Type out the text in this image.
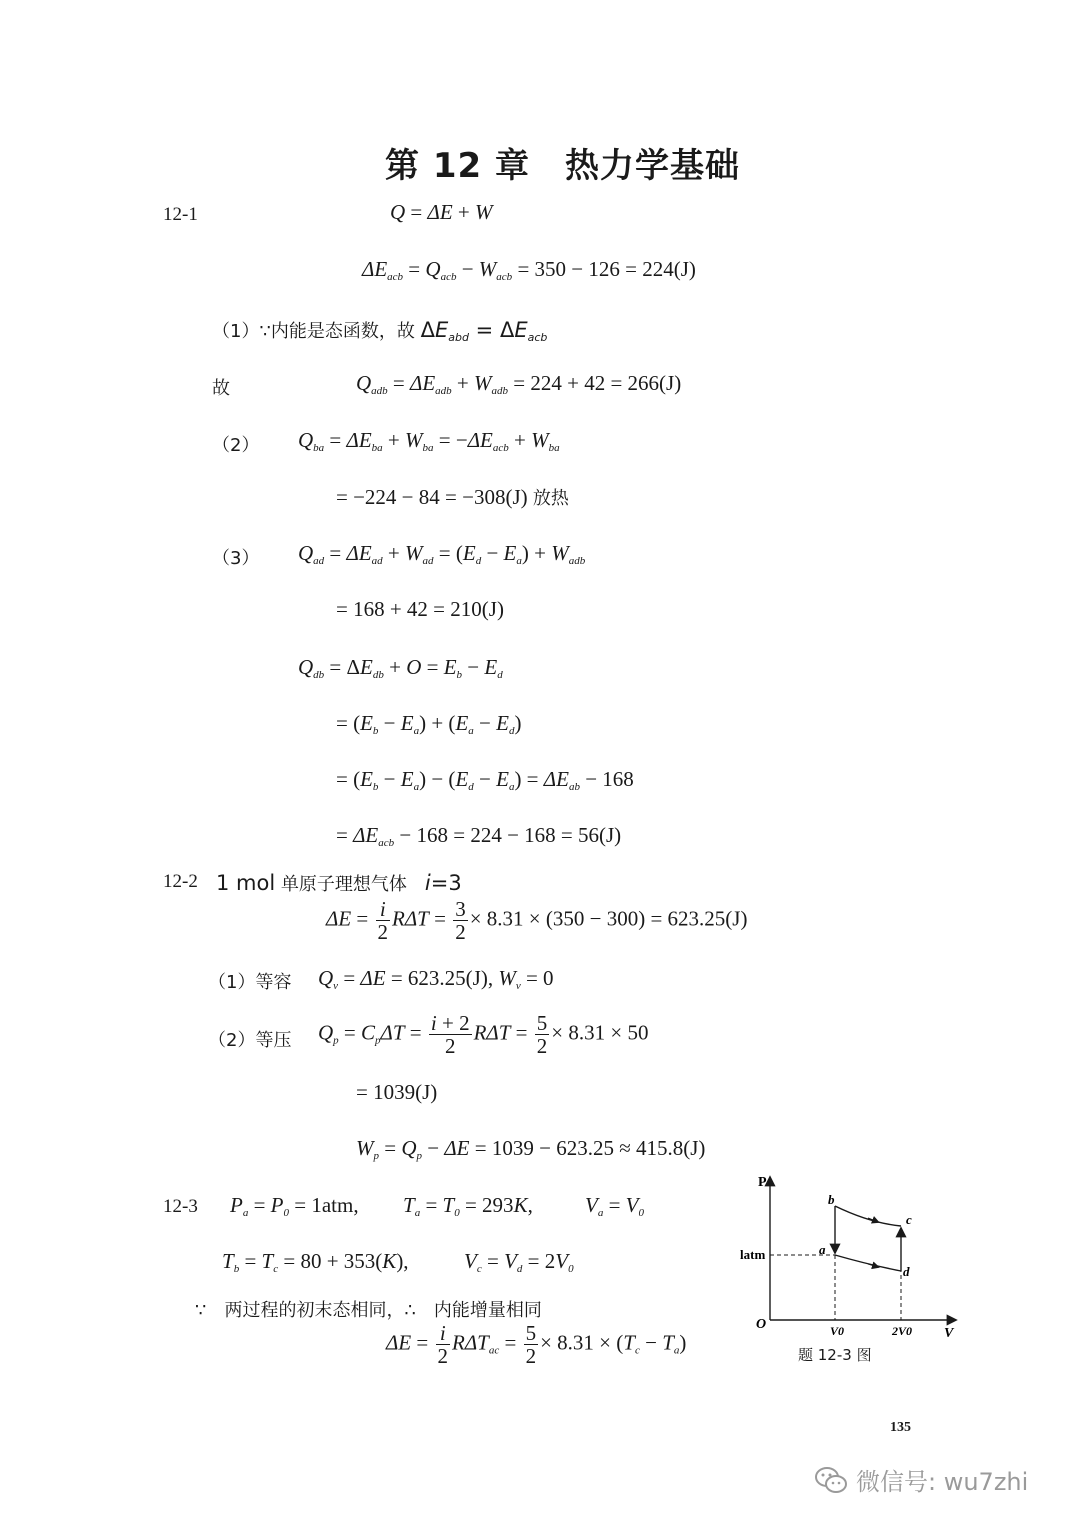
第 12 章　热力学基础
12-1	Q = ΔE + W
$\Delta E_{acb} = Q_{acb} - W_{acb} = 350 - 126 = 224(J)$
（1）∵内能是态函数，故 $\Delta E_{abd} = \Delta E_{acb}$
故	$Q_{adb} = \Delta E_{adb} + W_{adb} = 224 + 42 = 266(J)$
（2） $Q_{ba} = \Delta E_{ba} + W_{ba} = -\Delta E_{acb} + W_{ba}$
= −224 − 84 = −308(J) 放热
（3） $Q_{ad} = \Delta E_{ad} + W_{ad} = (E_d - E_a) + W_{adb}$
= 168 + 42 = 210(J)
$Q_{db} = \Delta E_{db} + O = E_b - E_d$
= $(E_b - E_a) + (E_a - E_d)$
= $(E_b - E_a) - (E_d - E_a) = \Delta E_{ab} - 168$
= $\Delta E_{acb} - 168 = 224 - 168 = 56(J)$
12-2 1 mol 单原子理想气体　i=3
$\Delta E = \frac{i}{2}$ $R\Delta T = \frac{3}{2} \times 8.31 \times (350 - 300) = 623.25(J)$
（1）等容 $Q_v = \Delta E = 623.25(J)$, $W_v = 0$
（2）等压 $Q_p = C_p\Delta T = \frac{i + 2}{2}$ $R\Delta T = \frac{5}{2} \times 8.31 \times 50$
= 1039(J)
$W_p = Q_p - \Delta E = 1039 - 623.25 \approx 415.8(J)$
12-3 $P_a = P_0 = 1atm$, $T_a = T_0 = 293K$, $V_a = V_0$
$T_b = T_c = 80 + 353(K)$,	$V_c = V_d = 2V_0$
∵　两过程的初末态相同，∴　内能增量相同
$\Delta E = \frac{i}{2} R\Delta T_{ac} = \frac{5}{2} \times 8.31 \times (T_c - T_a)$
P
V
O
latm
b
c
a
d
V0	2V0
题 12-3 图
135
微信号: wu7zhi
